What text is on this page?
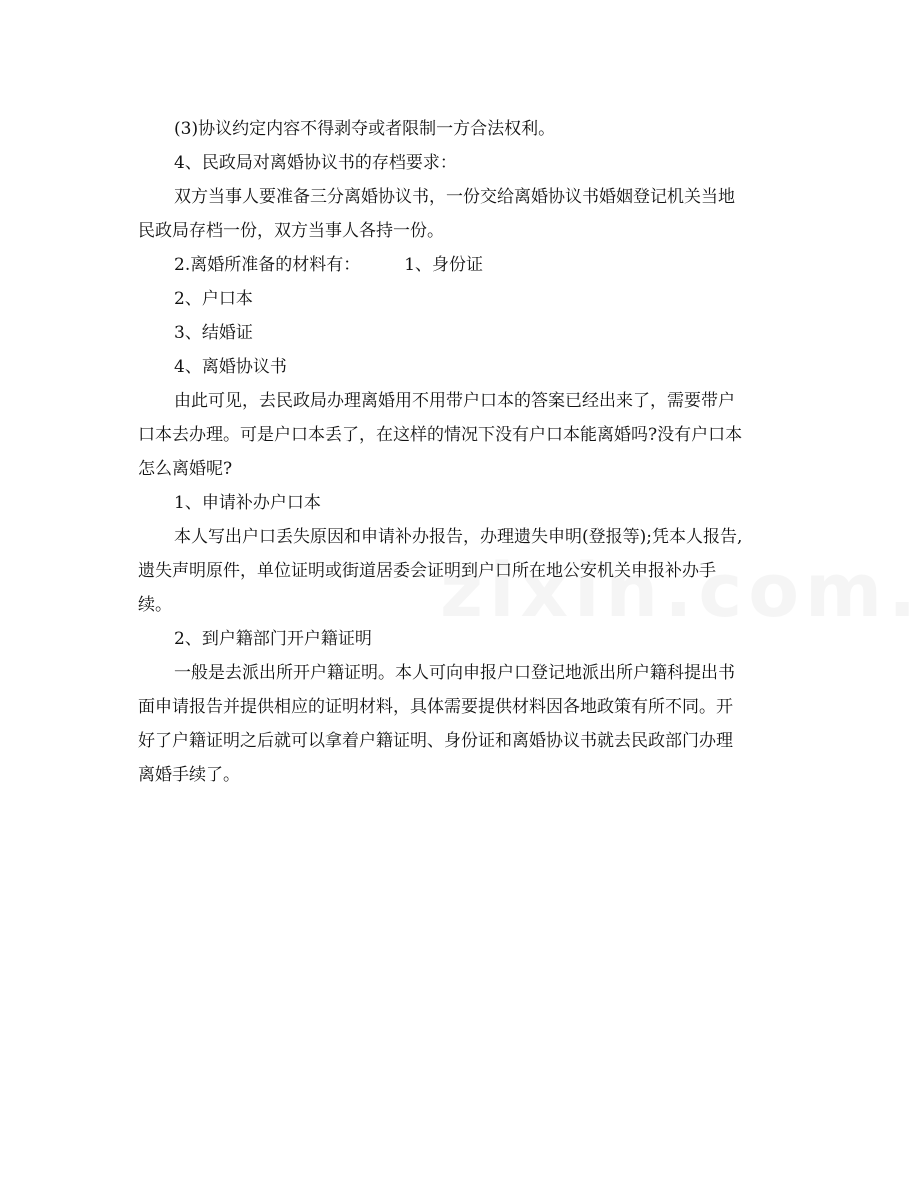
(3)协议约定内容不得剥夺或者限制一方合法权利。

4、民政局对离婚协议书的存档要求：

双方当事人要准备三分离婚协议书，一份交给离婚协议书婚姻登记机关当地
民政局存档一份，双方当事人各持一份。

2.离婚所准备的材料有：	1、身份证

2、户口本

3、结婚证

4、离婚协议书

由此可见，去民政局办理离婚用不用带户口本的答案已经出来了，需要带户
口本去办理。可是户口本丢了，在这样的情况下没有户口本能离婚吗?没有户口本
怎么离婚呢?

1、申请补办户口本

本人写出户口丢失原因和申请补办报告，办理遗失申明(登报等);凭本人报告,
遗失声明原件，单位证明或街道居委会证明到户口所在地公安机关申报补办手
续。

2、到户籍部门开户籍证明

一般是去派出所开户籍证明。本人可向申报户口登记地派出所户籍科提出书
面申请报告并提供相应的证明材料，具体需要提供材料因各地政策有所不同。开
好了户籍证明之后就可以拿着户籍证明、身份证和离婚协议书就去民政部门办理
离婚手续了。
